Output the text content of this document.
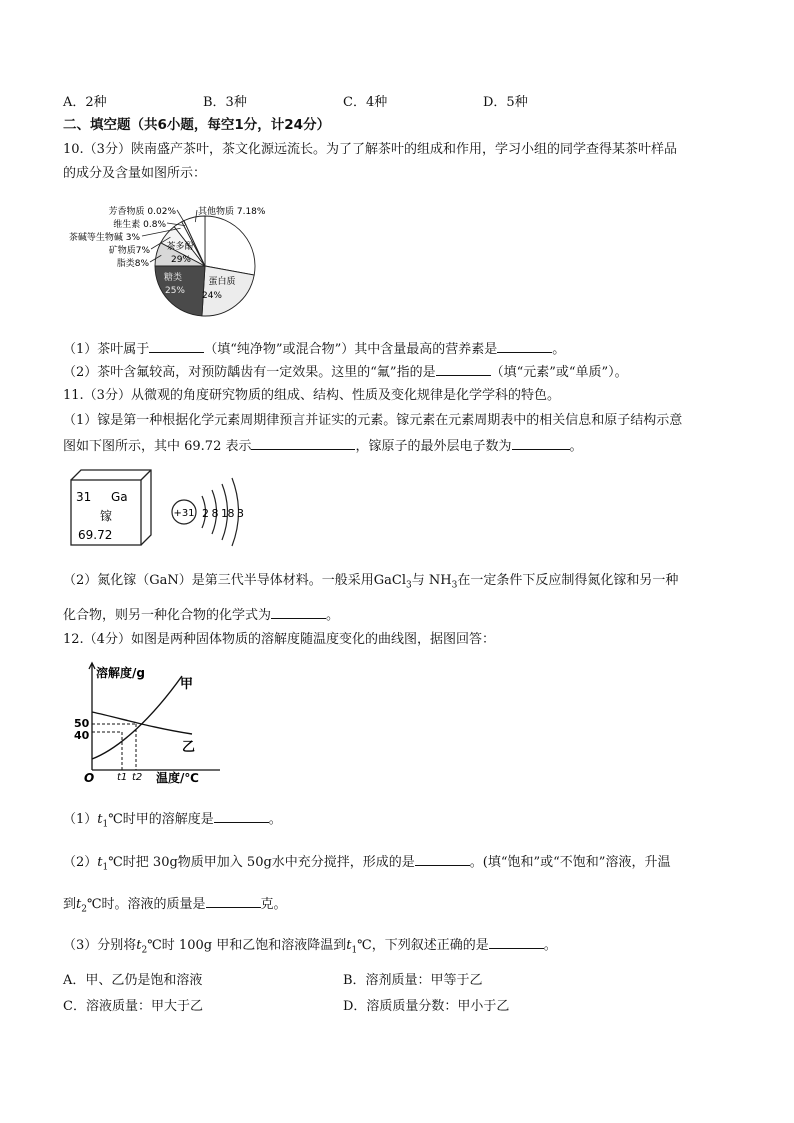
A．2种	B．3种	C．4种	D．5种
二、填空题（共6小题，每空1分，计24分）
10.（3分）陕南盛产茶叶，茶文化源远流长。为了了解茶叶的组成和作用，学习小组的同学查得某茶叶样品
的成分及含量如图所示：
茶多酚
29%
蛋白质
24%
糖类
25%
脂类8%
矿物质7%
茶碱等生物碱 3%
维生素 0.8%
芳香物质 0.02% 其他物质 7.18%
（1）茶叶属于	（填“纯净物”或混合物”）其中含量最高的营养素是	。
（2）茶叶含氟较高，对预防龋齿有一定效果。这里的“氟”指的是	（填“元素”或“单质”）。
11.（3分）从微观的角度研究物质的组成、结构、性质及变化规律是化学学科的特色。
（1）镓是第一种根据化学元素周期律预言并证实的元素。镓元素在元素周期表中的相关信息和原子结构示意
图如下图所示，其中 69.72 表示	，镓原子的最外层电子数为	。
31 Ga
镓
69.72
+31 2 8 18 3
（2）氮化镓（GaN）是第三代半导体材料。一般采用GaCl$_3$与 $NH_3$在一定条件下反应制得氮化镓和另一种
化合物，则另一种化合物的化学式为	。
12.（4分）如图是两种固体物质的溶解度随温度变化的曲线图，据图回答：
溶解度/g
温度/℃
O
50
40
t1 t2
甲
乙
$(1)t_1℃$时甲的溶解度是	。
$(2)t_1℃$时把 30g物质甲加入 50g水中充分搅拌，形成的是	。(填“饱和”或“不饱和”溶液，升温
到$t_2℃$时。溶液的质量是	克。
（3）分别将$t_2℃$时 100g 甲和乙饱和溶液降温到$t_1℃$，下列叙述正确的是	。
A．甲、乙仍是饱和溶液	B．溶剂质量：甲等于乙
C．溶液质量：甲大于乙	D．溶质质量分数：甲小于乙
